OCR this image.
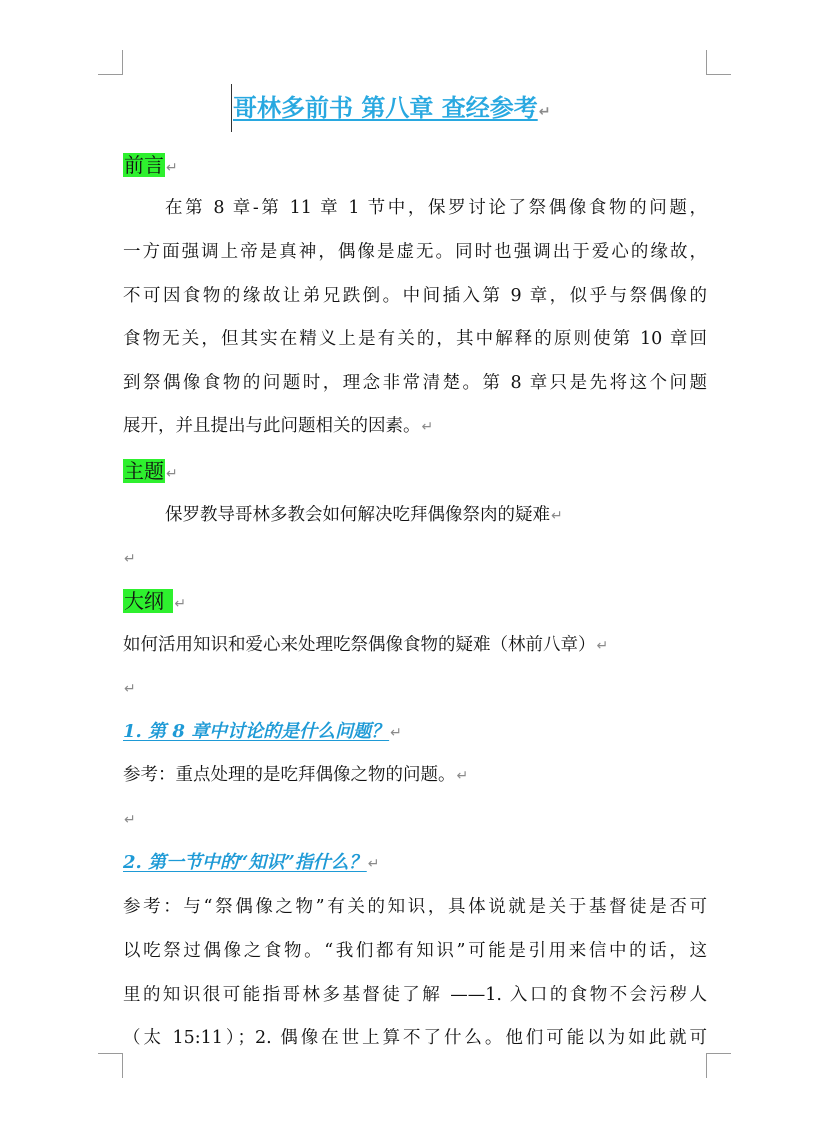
哥林多前书 第八章 查经参考↵
前言 ↵
在第 8 章-第 11 章 1 节中，保罗讨论了祭偶像食物的问题，
一方面强调上帝是真神，偶像是虚无。同时也强调出于爱心的缘故，
不可因食物的缘故让弟兄跌倒。中间插入第 9 章，似乎与祭偶像的
食物无关，但其实在精义上是有关的，其中解释的原则使第 10 章回
到祭偶像食物的问题时，理念非常清楚。第 8 章只是先将这个问题
展开，并且提出与此问题相关的因素。↵
主题 ↵
保罗教导哥林多教会如何解决吃拜偶像祭肉的疑难↵
↵
大纲 ↵
如何活用知识和爱心来处理吃祭偶像食物的疑难（林前八章）↵
↵
1. 第 8 章中讨论的是什么问题？↵
参考：重点处理的是吃拜偶像之物的问题。↵
↵
2. 第一节中的“知识”指什么？↵
参考：与“祭偶像之物”有关的知识，具体说就是关于基督徒是否可
以吃祭过偶像之食物。“我们都有知识”可能是引用来信中的话，这
里的知识很可能指哥林多基督徒了解 ——1. 入口的食物不会污秽人
（太 15:11）；2. 偶像在世上算不了什么。他们可能以为如此就可
